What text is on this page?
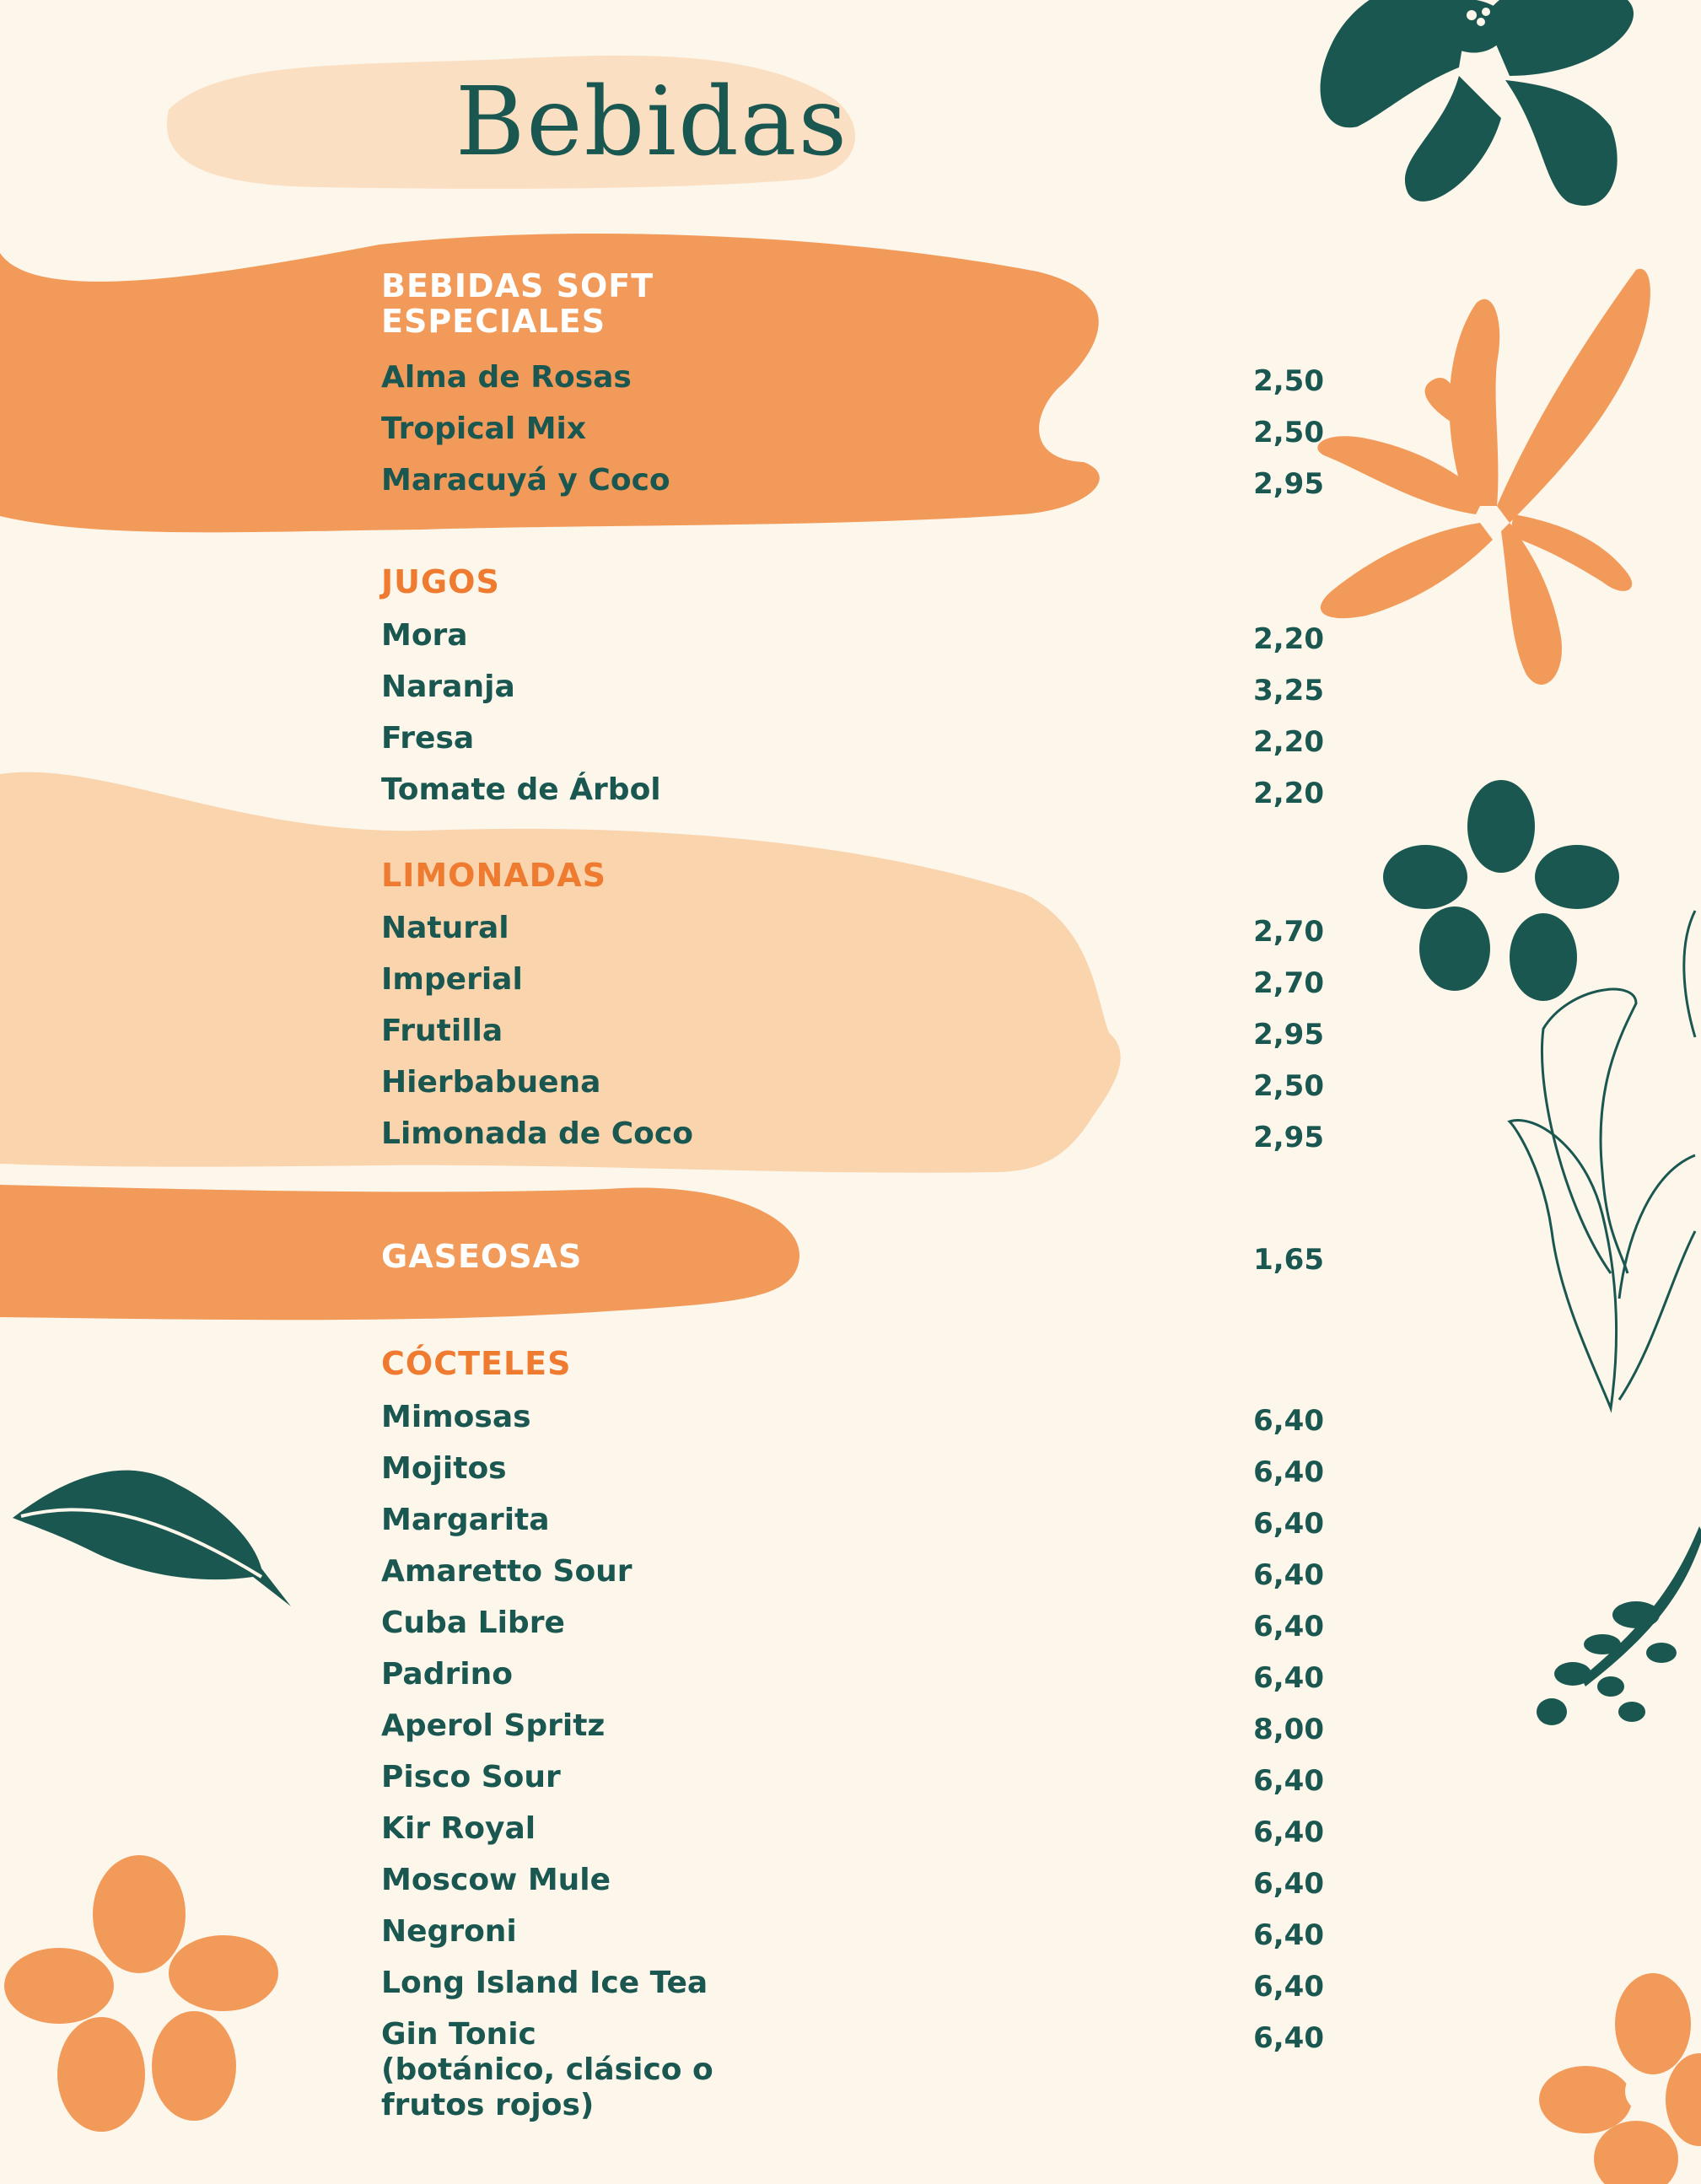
Bebidas
BEBIDAS SOFT
ESPECIALES
Alma de Rosas	2,50
Tropical Mix	2,50
Maracuyá y Coco	2,95
JUGOS
Mora	2,20
Naranja	3,25
Fresa	2,20
Tomate de Árbol	2,20
LIMONADAS
Natural	2,70
Imperial	2,70
Frutilla	2,95
Hierbabuena	2,50
Limonada de Coco	2,95
GASEOSAS	1,65
CÓCTELES
Mimosas	6,40
Mojitos	6,40
Margarita	6,40
Amaretto Sour	6,40
Cuba Libre	6,40
Padrino	6,40
Aperol Spritz	8,00
Pisco Sour	6,40
Kir Royal	6,40
Moscow Mule	6,40
Negroni	6,40
Long Island Ice Tea	6,40
Gin Tonic
(botánico, clásico o
frutos rojos)
6,40
